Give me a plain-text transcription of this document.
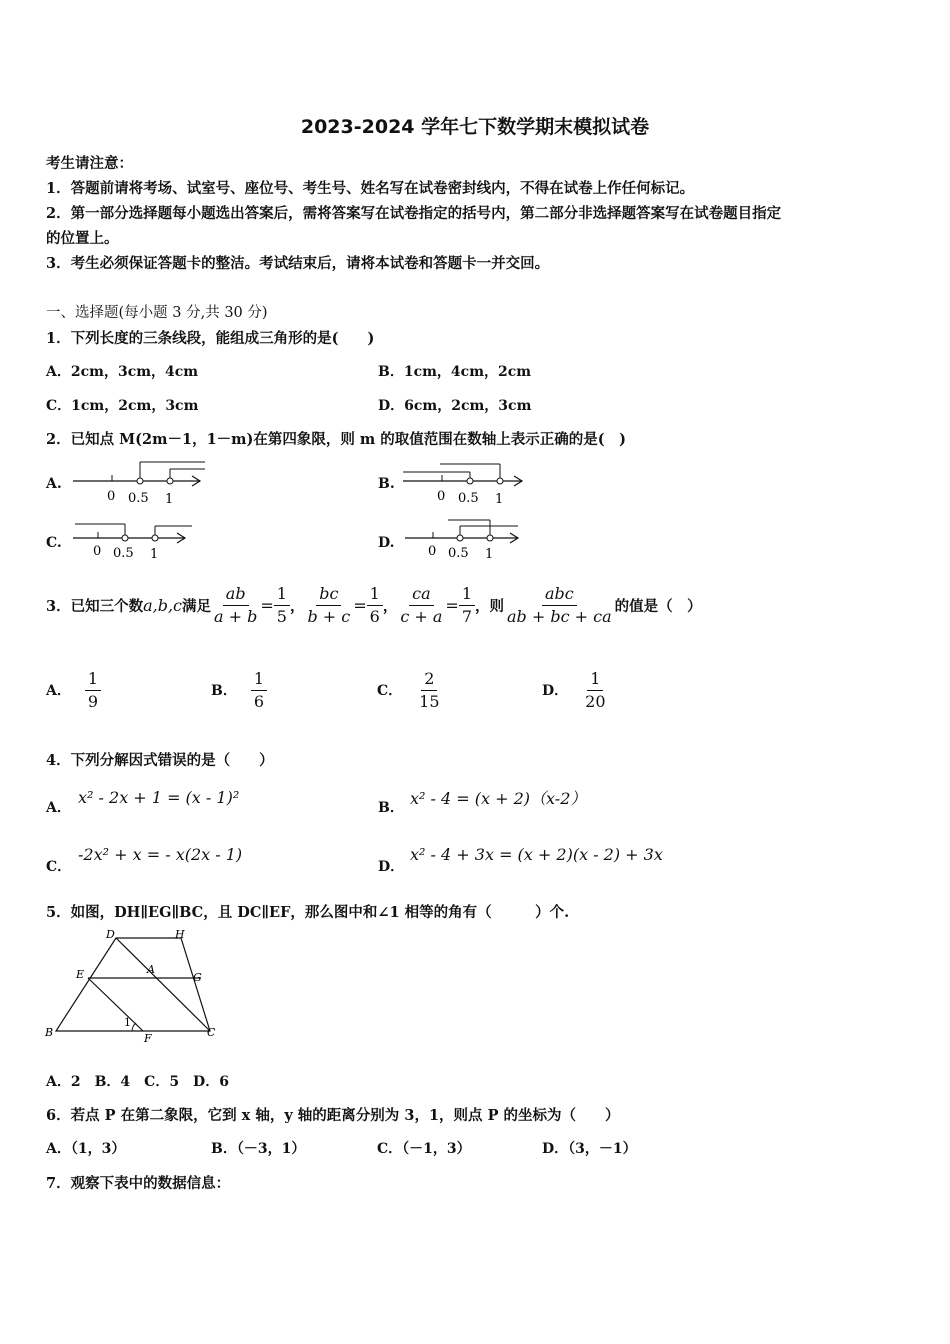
2023-2024 学年七下数学期末模拟试卷
考生请注意：
1．答题前请将考场、试室号、座位号、考生号、姓名写在试卷密封线内，不得在试卷上作任何标记。
2．第一部分选择题每小题选出答案后，需将答案写在试卷指定的括号内，第二部分非选择题答案写在试卷题目指定
的位置上。
3．考生必须保证答题卡的整洁。考试结束后，请将本试卷和答题卡一并交回。
一、选择题(每小题 3 分,共 30 分)
1．下列长度的三条线段，能组成三角形的是(　　)
A．2cm，3cm，4cm	B．1cm，4cm，2cm
C．1cm，2cm，3cm	D．6cm，2cm，3cm
2．已知点 M(2m－1，1－m)在第四象限，则 m 的取值范围在数轴上表示正确的是(　)
A.
0 0.5 1
B.
0 0.5 1
C.
0 0.5 1
D.
0 0.5 1
3．已知三个数 a,b,c 满足 $\frac{ab}{a + b} = \frac{1}{5}$ ， $\frac{bc}{b + c} = \frac{1}{6}$ ， $\frac{ca}{c + a} = \frac{1}{7}$ ，则 $\frac{\text{abc}}{ab + bc + ca}$ 的值是（　）
A． $\frac{1}{9}$	B． $\frac{1}{6}$	C． $\frac{2}{15}$	D． $\frac{1}{20}$
4．下列分解因式错误的是（　　）
A．
x² - 2x + 1 = (x - 1)²
B． x² - 4 = (x + 2)（x-2）
C．
-2x² + x = - x(2x - 1)
D．
x² - 4 + 3x = (x + 2)(x - 2) + 3x
5．如图，DH∥EG∥BC，且 DC∥EF，那么图中和∠1 相等的角有（　　　）个.
D	H
E	A
G
B
1
F	C
A．2　B．4　C．5　D．6
6．若点 P 在第二象限，它到 x 轴，y 轴的距离分别为 3，1，则点 P 的坐标为（　　）
A．（1，3）	B．（－3，1）	C．（－1，3）	D．（3，－1）
7．观察下表中的数据信息：
